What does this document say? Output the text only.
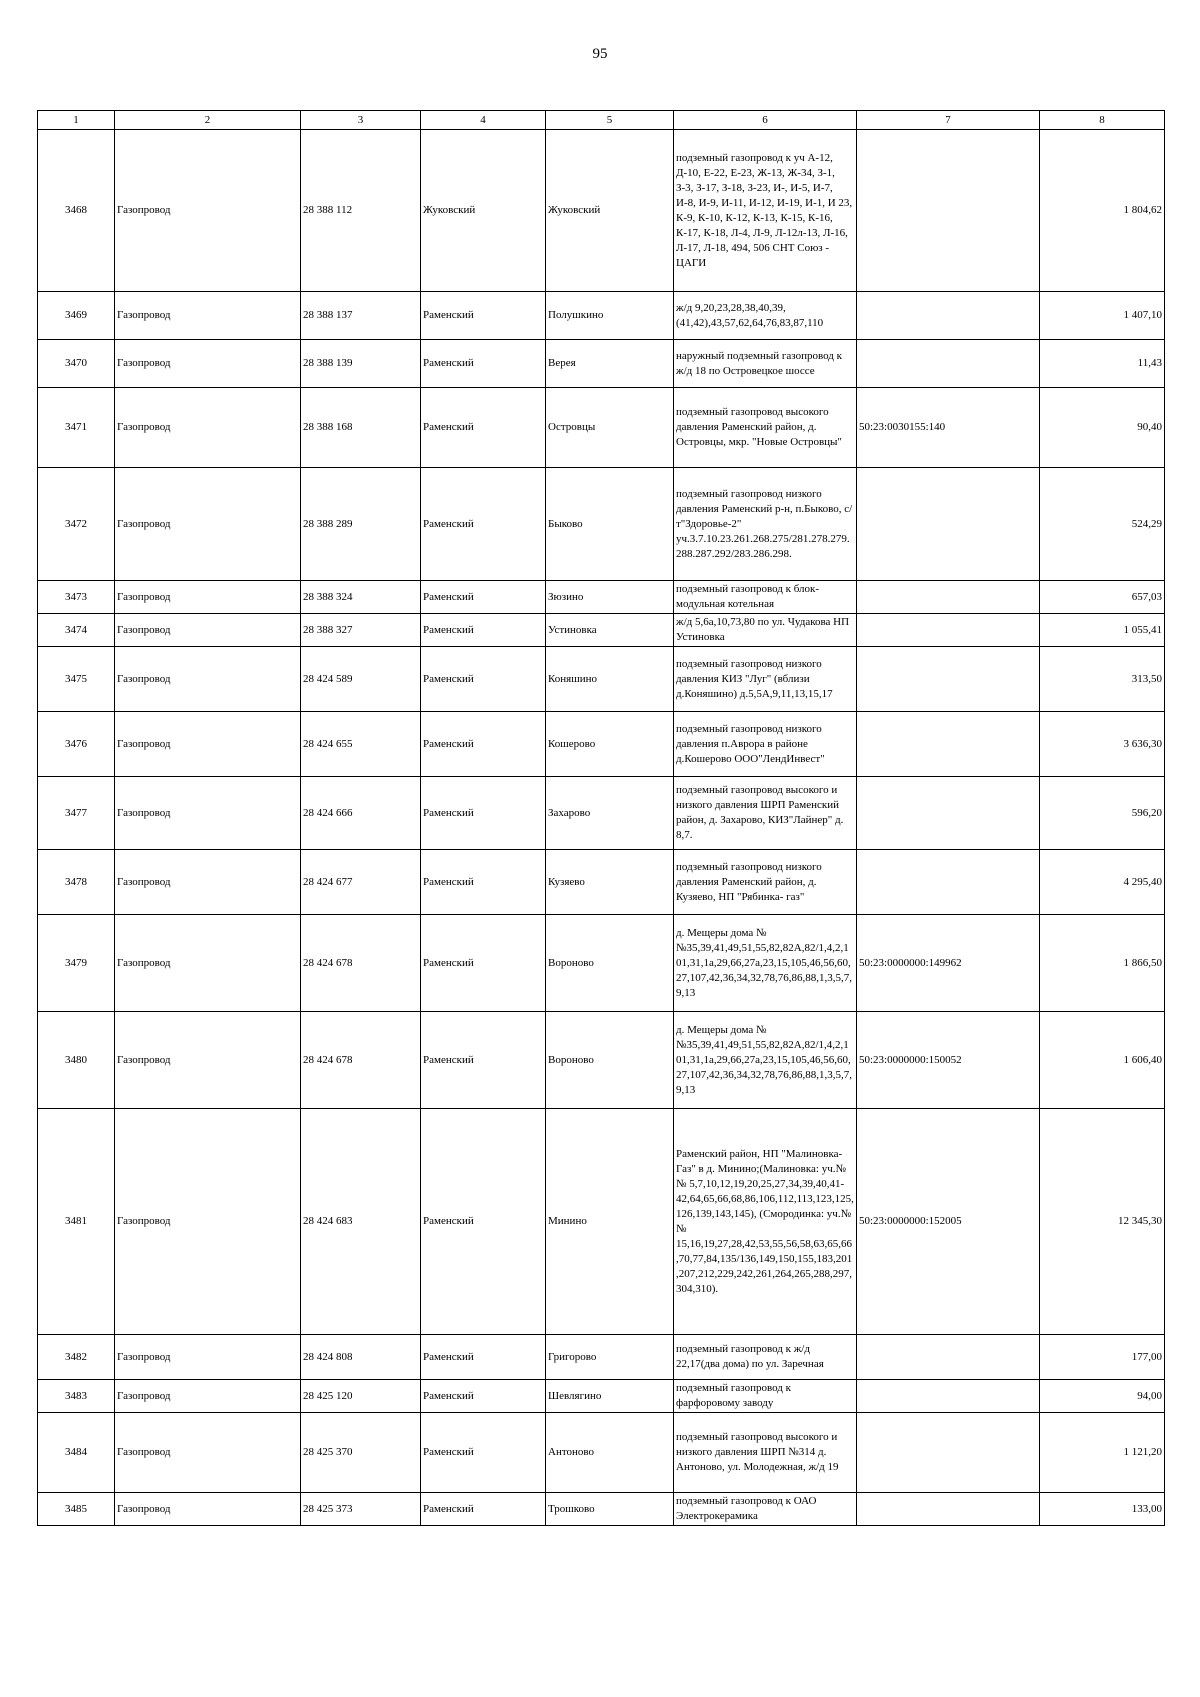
95
1	2	3	4	5	6	7	8
3468	Газопровод	28 388 112	Жуковский	Жуковский	подземный газопровод к уч А-12, Д-10, Е-22, Е-23, Ж-13, Ж-34, З-1, З-3, З-17, З-18, З-23, И-, И-5, И-7, И-8, И-9, И-11, И-12, И-19, И-1, И 23, К-9, К-10, К-12, К-13, К-15, К-16, К-17, К-18, Л-4, Л-9, Л-12л-13, Л-16, Л-17, Л-18, 494, 506 СНТ Союз - ЦАГИ		1 804,62
3469	Газопровод	28 388 137	Раменский	Полушкино	ж/д 9,20,23,28,38,40,39,(41,42),43,57,62,64,76,83,87,110		1 407,10
3470	Газопровод	28 388 139	Раменский	Верея	наружный подземный газопровод к ж/д 18 по Островецкое шоссе		11,43
3471	Газопровод	28 388 168	Раменский	Островцы	подземный газопровод высокого давления Раменский район, д. Островцы, мкр. "Новые Островцы"	50:23:0030155:140	90,40
3472	Газопровод	28 388 289	Раменский	Быково	подземный газопровод низкого давления Раменский р-н, п.Быково, с/т"Здоровье-2" уч.3.7.10.23.261.268.275/281.278.279.288.287.292/283.286.298.		524,29
3473	Газопровод	28 388 324	Раменский	Зюзино	подземный газопровод к блок-модульная котельная		657,03
3474	Газопровод	28 388 327	Раменский	Устиновка	ж/д 5,6а,10,73,80 по ул. Чудакова НП Устиновка		1 055,41
3475	Газопровод	28 424 589	Раменский	Коняшино	подземный газопровод низкого давления КИЗ "Луг" (вблизи д.Коняшино) д.5,5А,9,11,13,15,17		313,50
3476	Газопровод	28 424 655	Раменский	Кошерово	подземный газопровод низкого давления п.Аврора в районе д.Кошерово ООО"ЛендИнвест"		3 636,30
3477	Газопровод	28 424 666	Раменский	Захарово	подземный газопровод высокого и низкого давления ШРП Раменский район, д. Захарово, КИЗ"Лайнер" д. 8,7.		596,20
3478	Газопровод	28 424 677	Раменский	Кузяево	подземный газопровод низкого давления Раменский район, д. Кузяево, НП "Рябинка- газ"		4 295,40
3479	Газопровод	28 424 678	Раменский	Вороново	д. Мещеры дома №№35,39,41,49,51,55,82,82А,82/1,4,2,101,31,1а,29,66,27а,23,15,105,46,56,60,27,107,42,36,34,32,78,76,86,88,1,3,5,7,9,13	50:23:0000000:149962	1 866,50
3480	Газопровод	28 424 678	Раменский	Вороново	д. Мещеры дома №№35,39,41,49,51,55,82,82А,82/1,4,2,101,31,1а,29,66,27а,23,15,105,46,56,60,27,107,42,36,34,32,78,76,86,88,1,3,5,7,9,13	50:23:0000000:150052	1 606,40
3481	Газопровод	28 424 683	Раменский	Минино	Раменский район, НП "Малиновка-Газ" в д. Минино;(Малиновка: уч.№№ 5,7,10,12,19,20,25,27,34,39,40,41-42,64,65,66,68,86,106,112,113,123,125,126,139,143,145), (Смородинка: уч.№№ 15,16,19,27,28,42,53,55,56,58,63,65,66,70,77,84,135/136,149,150,155,183,201,207,212,229,242,261,264,265,288,297,304,310).	50:23:0000000:152005	12 345,30
3482	Газопровод	28 424 808	Раменский	Григорово	подземный газопровод к ж/д 22,17(два дома) по ул. Заречная		177,00
3483	Газопровод	28 425 120	Раменский	Шевлягино	подземный газопровод к фарфоровому заводу		94,00
3484	Газопровод	28 425 370	Раменский	Антоново	подземный газопровод высокого и низкого давления ШРП №314 д. Антоново, ул. Молодежная, ж/д 19		1 121,20
3485	Газопровод	28 425 373	Раменский	Трошково	подземный газопровод к ОАО Электрокерамика		133,00
